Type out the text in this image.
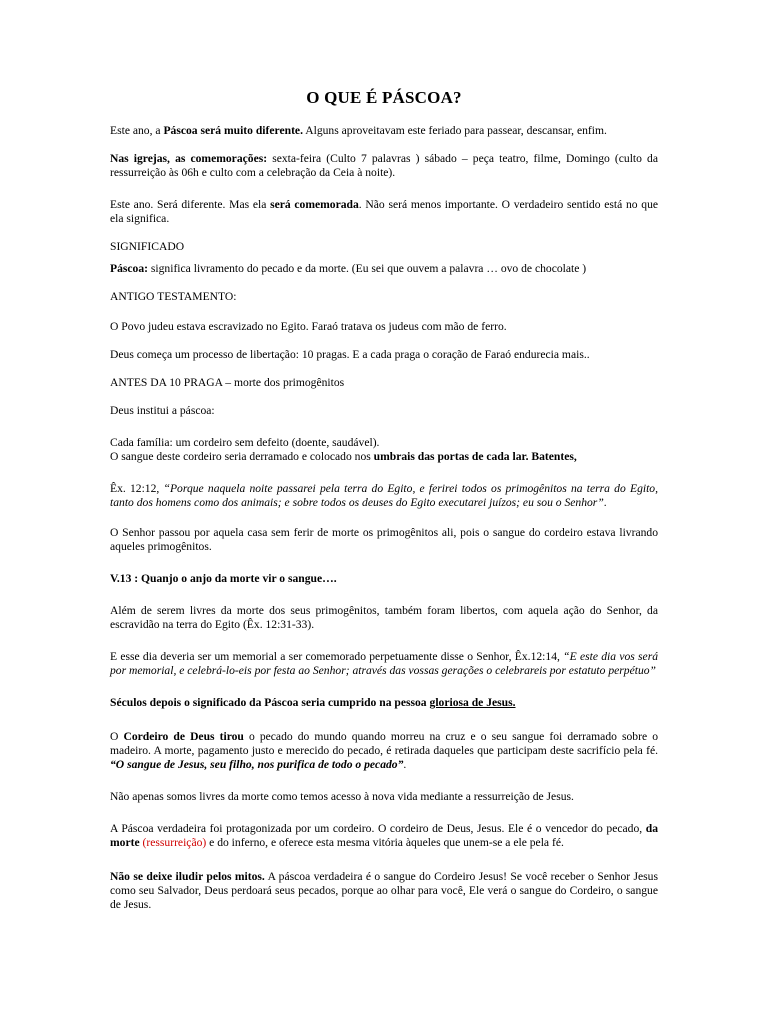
O QUE É PÁSCOA?

Este ano, a Páscoa será muito diferente. Alguns aproveitavam este feriado para passear, descansar, enfim.

Nas igrejas, as comemorações: sexta-feira (Culto 7 palavras ) sábado – peça teatro, filme, Domingo (culto da ressurreição às 06h e culto com a celebração da Ceia à noite).

Este ano. Será diferente. Mas ela será comemorada. Não será menos importante. O verdadeiro sentido está no que ela significa.

SIGNIFICADO

Páscoa: significa livramento do pecado e da morte. (Eu sei que ouvem a palavra … ovo de chocolate )

ANTIGO TESTAMENTO:

O Povo judeu estava escravizado no Egito. Faraó tratava os judeus com mão de ferro.

Deus começa um processo de libertação: 10 pragas. E a cada praga o coração de Faraó endurecia mais..

ANTES DA 10 PRAGA – morte dos primogênitos

Deus institui a páscoa:

Cada família: um cordeiro sem defeito (doente, saudável).

O sangue deste cordeiro seria derramado e colocado nos umbrais das portas de cada lar. Batentes,

Êx. 12:12, “Porque naquela noite passarei pela terra do Egito, e ferirei todos os primogênitos na terra do Egito, tanto dos homens como dos animais; e sobre todos os deuses do Egito executarei juízos; eu sou o Senhor”.

O Senhor passou por aquela casa sem ferir de morte os primogênitos ali, pois o sangue do cordeiro estava livrando aqueles primogênitos.

V.13 : Quanjo o anjo da morte vir o sangue….

Além de serem livres da morte dos seus primogênitos, também foram libertos, com aquela ação do Senhor, da escravidão na terra do Egito (Êx. 12:31-33).

E esse dia deveria ser um memorial a ser comemorado perpetuamente disse o Senhor, Êx.12:14, “E este dia vos será por memorial, e celebrá-lo-eis por festa ao Senhor; através das vossas gerações o celebrareis por estatuto perpétuo”

Séculos depois o significado da Páscoa seria cumprido na pessoa gloriosa de Jesus.

O Cordeiro de Deus tirou o pecado do mundo quando morreu na cruz e o seu sangue foi derramado sobre o madeiro. A morte, pagamento justo e merecido do pecado, é retirada daqueles que participam deste sacrifício pela fé. “O sangue de Jesus, seu filho, nos purifica de todo o pecado”.

Não apenas somos livres da morte como temos acesso à nova vida mediante a ressurreição de Jesus.

A Páscoa verdadeira foi protagonizada por um cordeiro. O cordeiro de Deus, Jesus. Ele é o vencedor do pecado, da morte (ressurreição) e do inferno, e oferece esta mesma vitória àqueles que unem-se a ele pela fé.

Não se deixe iludir pelos mitos. A páscoa verdadeira é o sangue do Cordeiro Jesus! Se você receber o Senhor Jesus como seu Salvador, Deus perdoará seus pecados, porque ao olhar para você, Ele verá o sangue do Cordeiro, o sangue de Jesus.
